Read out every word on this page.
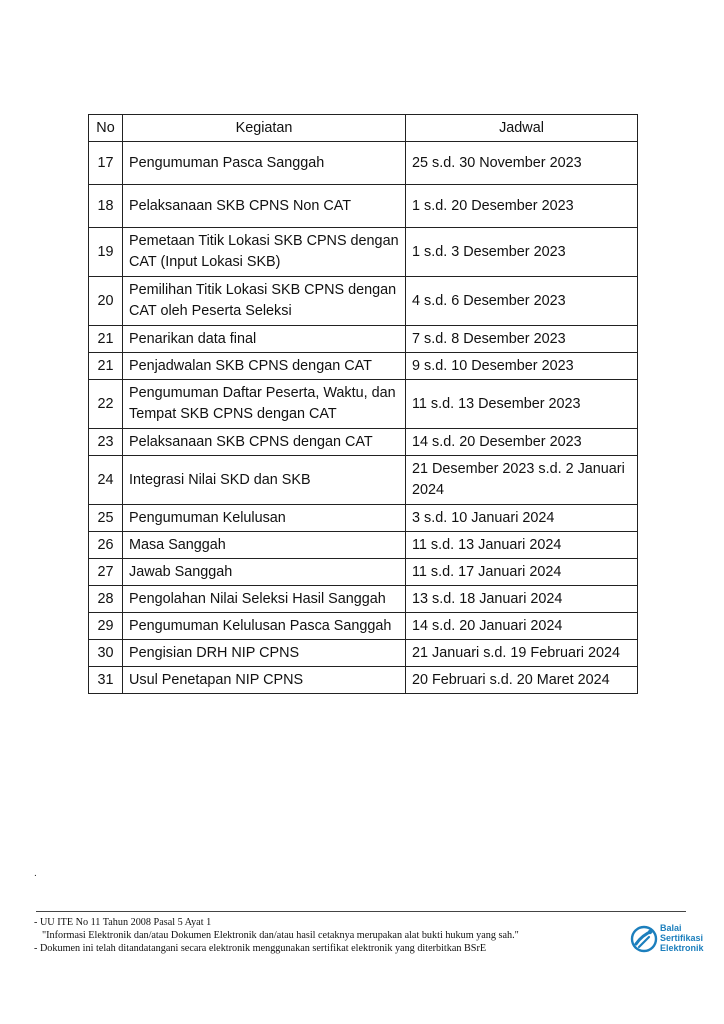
No	Kegiatan	Jadwal
17	Pengumuman Pasca Sanggah	25 s.d. 30 November 2023
18	Pelaksanaan SKB CPNS Non CAT	1 s.d. 20 Desember 2023
19	Pemetaan Titik Lokasi SKB CPNS dengan CAT (Input Lokasi SKB)	1 s.d. 3 Desember 2023
20	Pemilihan Titik Lokasi SKB CPNS dengan CAT oleh Peserta Seleksi	4 s.d. 6 Desember 2023
21	Penarikan data final	7 s.d. 8 Desember 2023
21	Penjadwalan SKB CPNS dengan CAT	9 s.d. 10 Desember 2023
22	Pengumuman Daftar Peserta, Waktu, dan Tempat SKB CPNS dengan CAT	11 s.d. 13 Desember 2023
23	Pelaksanaan SKB CPNS dengan CAT	14 s.d. 20 Desember 2023
24	Integrasi Nilai SKD dan SKB	21 Desember 2023 s.d. 2 Januari 2024
25	Pengumuman Kelulusan	3 s.d. 10 Januari 2024
26	Masa Sanggah	11 s.d. 13 Januari 2024
27	Jawab Sanggah	11 s.d. 17 Januari 2024
28	Pengolahan Nilai Seleksi Hasil Sanggah	13 s.d. 18 Januari 2024
29	Pengumuman Kelulusan Pasca Sanggah	14 s.d. 20 Januari 2024
30	Pengisian DRH NIP CPNS	21 Januari s.d. 19 Februari 2024
31	Usul Penetapan NIP CPNS	20 Februari s.d. 20 Maret 2024
.
- UU ITE No 11 Tahun 2008 Pasal 5 Ayat 1
"Informasi Elektronik dan/atau Dokumen Elektronik dan/atau hasil cetaknya merupakan alat bukti hukum yang sah."
- Dokumen ini telah ditandatangani secara elektronik menggunakan sertifikat elektronik yang diterbitkan BSrE
Balai
Sertifikasi
Elektronik
